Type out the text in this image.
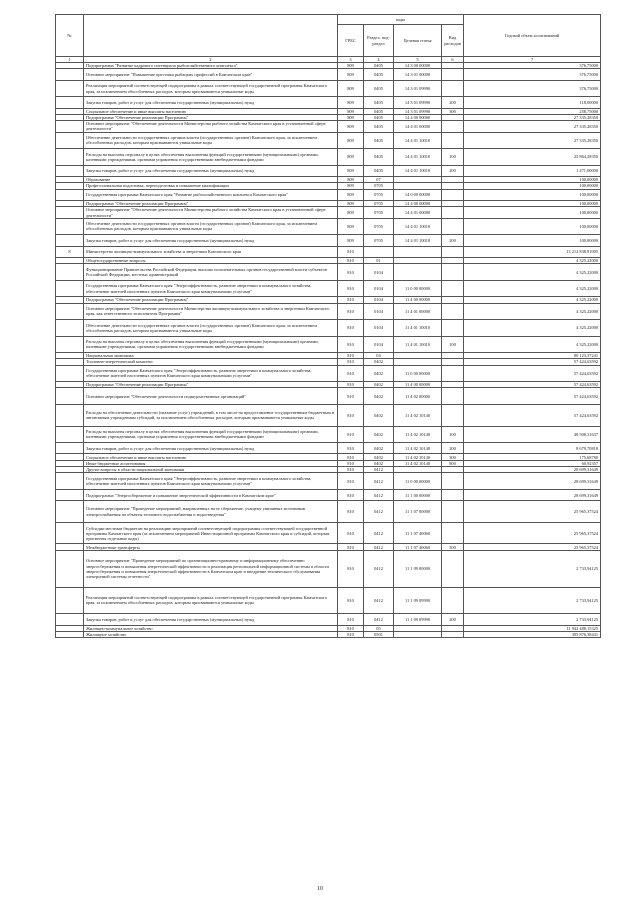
№		коды				Годовой объем ассигнований
		ГРБС	Раздел, под-раздел	Целевая статья	Вид расходов	
1	2	3	4	5	6	7
	Подпрограмма "Развитие кадрового потенциала рыбохозяйственного комплекса"	809	0405	14 3 00 00000		376,75000
	Основное мероприятие "Повышение престижа рыбацких профессий в Камчатском крае"	809	0405	14 3 01 00000		376,75000
	Реализация мероприятий соответствующей подпрограммы в рамках соответствующей государственной программы Камчатского края, за исключением обособленных расходов, которым присваиваются уникальные коды	809	0405	14 3 01 09990		376,75000
	Закупка товаров, работ и услуг для обеспечения государственных (муниципальных) нужд	809	0405	14 3 01 09990	200	118,00000
	Социальное обеспечение и иные выплаты населению	809	0405	14 3 01 09990	300	258,75000
	Подпрограмма "Обеспечение реализации Программы"	809	0405	14 4 00 00000		27 335,28350
	Основное мероприятие "Обеспечение деятельности Министерства рыбного хозяйства Камчатского края в установленной сфере деятельности"	809	0405	14 4 01 00000		27 335,28350
	Обеспечение деятельности государственных органов власти (государственных органов) Камчатского края, за исключением обособленных расходов, которым присваиваются уникальные коды	809	0405	14 4 01 10010		27 335,28350
	Расходы на выплаты персоналу в целях обеспечения выполнения функций государственными (муниципальными) органами, казенными учреждениями, органами управления государственными внебюджетными фондами	809	0405	14 4 01 10010	100	25 864,28350
	Закупка товаров, работ и услуг для обеспечения государственных (муниципальных) нужд	809	0405	14 4 01 10010	200	1 471,00000
	Образование	809	07			100,00000
	Профессиональная подготовка, переподготовка и повышение квалификации	809	0705			100,00000
	Государственная программа Камчатского края "Развитие рыбохозяйственного комплекса Камчатского края"	809	0705	14 0 00 00000		100,00000
	Подпрограмма "Обеспечение реализации Программы"	809	0705	14 4 00 00000		100,00000
	Основное мероприятие "Обеспечение деятельности Министерства рыбного хозяйства Камчатского края в установленной сфере деятельности"	809	0705	14 4 01 00000		100,00000
	Обеспечение деятельности государственных органов власти (государственных органов) Камчатского края, за исключением обособленных расходов, которым присваиваются уникальные коды	809	0705	14 4 01 10010		100,00000
	Закупка товаров, работ и услуг для обеспечения государственных (муниципальных) нужд	809	0705	14 4 01 10010	200	100,00000
8	Министерство жилищно-коммунального хозяйства и энергетики Камчатского края	810				13 212 838,91005
	Общегосударственные вопросы	810	01			4 325,22000
	Функционирование Правительства Российской Федерации, высших исполнительных органов государственной власти субъектов Российской Федерации, местных администраций	810	0104			4 325,22000
	Государственная программа Камчатского края "Энергоэффективность, развитие энергетики и коммунального хозяйства, обеспечение жителей населенных пунктов Камчатского края коммунальными услугами"	810	0104	11 0 00 00000		4 325,22000
	Подпрограмма "Обеспечение реализации Программы"	810	0104	11 4 00 00000		4 325,22000
	Основное мероприятие "Обеспечение деятельности Министерства жилищно-коммунального хозяйства и энергетики Камчатского края, как ответственного исполнителя Программы"	810	0104	11 4 01 00000		4 325,22000
	Обеспечение деятельности государственных органов власти (государственных органов) Камчатского края, за исключением обособленных расходов, которым присваиваются уникальные коды	810	0104	11 4 01 10010		4 325,22000
	Расходы на выплаты персоналу в целях обеспечения выполнения функций государственными (муниципальными) органами, казенными учреждениями, органами управления государственными внебюджетными фондами	810	0104	11 4 01 10010	100	4 325,22000
	Национальная экономика	810	04			80 123,37241
	Топливно-энергетический комплекс	810	0402			57 424,63592
	Государственная программа Камчатского края "Энергоэффективность, развитие энергетики и коммунального хозяйства, обеспечение жителей населенных пунктов Камчатского края коммунальными услугами"	810	0402	11 0 00 00000		57 424,63592
	Подпрограмма "Обеспечение реализации Программы"	810	0402	11 4 00 00000		57 424,63592
	Основное мероприятие "Обеспечение деятельности подведомственных организаций"	810	0402	11 4 02 00000		57 424,63592
	Расходы на обеспечение деятельности (оказание услуг) учреждений, в том числе на предоставление государственным бюджетным и автономным учреждениям субсидий, за исключением обособленных расходов, которым присваиваются уникальные коды	810	0402	11 4 02 10140		57 424,63592
	Расходы на выплаты персоналу в целях обеспечения выполнения функций государственными (муниципальными) органами, казенными учреждениями, органами управления государственными внебюджетными фондами	810	0402	11 4 02 10140	100	48 508,31637
	Закупка товаров, работ и услуг для обеспечения государственных (муниципальных) нужд	810	0402	11 4 02 10140	200	8 679,70818
	Социальное обеспечение и иные выплаты населению	810	0402	11 4 02 10140	300	175,68780
	Иные бюджетные ассигнования	810	0402	11 4 02 10140	800	60,92357
	Другие вопросы в области национальной экономики	810	0412			28 699,31649
	Государственная программа Камчатского края "Энергоэффективность, развитие энергетики и коммунального хозяйства, обеспечение жителей населенных пунктов Камчатского края коммунальными услугами"	810	0412	11 0 00 00000		28 699,31649
	Подпрограмма "Энергосбережение и повышение энергетической эффективности в Камчатском крае"	810	0412	11 1 00 00000		28 699,31649
	Основное мероприятие "Проведение мероприятий, направленных на ее сбережение, учащему увязанных источников электроснабжения на объекты теплового водоснабжения и водоотведения"	810	0412	11 1 07 00000		25 965,37524
	Субсидии местным бюджетам на реализацию мероприятий соответствующей подпрограммы соответствующей государственной программы Камчатского края (за исключением мероприятий Инвестиционной программы Камчатского края и субсидий, которым присвоены отдельные коды)	810	0412	11 1 07 40060		25 965,37524
	Межбюджетные трансферты	810	0412	11 1 07 40060	500	25 965,37524
	Основное мероприятие "Проведение мероприятий по организационно-правовому и информационному обеспечению энергосбережения и повышения энергетической эффективности и реализация региональной информационной системы в области энергосбережения и повышения энергетической эффективности в Камчатском крае и внедрение технического обслуживания электронной системы отчетности"	810	0412	11 1 09 00000		2 733,94125
	Реализация мероприятий соответствующей подпрограммы в рамках соответствующей государственной программы Камчатского края, за исключением обособленных расходов, которым присваиваются уникальные коды	810	0412	11 1 09 09990		2 733,94125
	Закупка товаров, работ и услуг для обеспечения государственных (муниципальных) нужд	810	0412	11 1 09 09990	200	2 733,94125
	Жилищно-коммунальное хозяйство	810	05			11 942 488,15325
	Жилищное хозяйство	810	0501			395 876,38441
10
